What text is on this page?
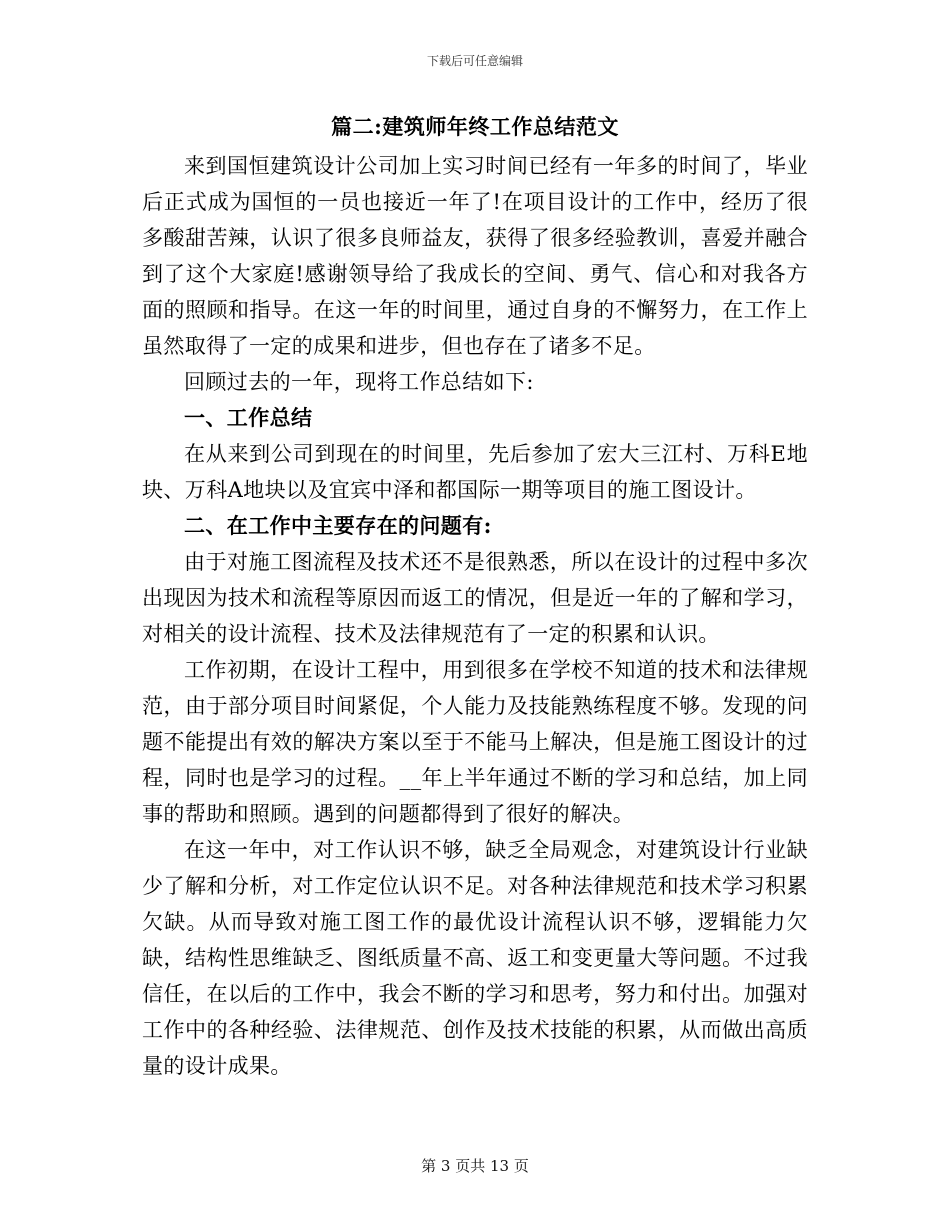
下载后可任意编辑
篇二:建筑师年终工作总结范文

来到国恒建筑设计公司加上实习时间已经有一年多的时间了，毕业后正式成为国恒的一员也接近一年了!在项目设计的工作中，经历了很多酸甜苦辣，认识了很多良师益友，获得了很多经验教训，喜爱并融合到了这个大家庭!感谢领导给了我成长的空间、勇气、信心和对我各方面的照顾和指导。在这一年的时间里，通过自身的不懈努力，在工作上虽然取得了一定的成果和进步，但也存在了诸多不足。

回顾过去的一年，现将工作总结如下:

一、工作总结

在从来到公司到现在的时间里，先后参加了宏大三江村、万科E地块、万科A地块以及宜宾中泽和都国际一期等项目的施工图设计。

二、在工作中主要存在的问题有:

由于对施工图流程及技术还不是很熟悉，所以在设计的过程中多次出现因为技术和流程等原因而返工的情况，但是近一年的了解和学习，对相关的设计流程、技术及法律规范有了一定的积累和认识。

工作初期，在设计工程中，用到很多在学校不知道的技术和法律规范，由于部分项目时间紧促，个人能力及技能熟练程度不够。发现的问题不能提出有效的解决方案以至于不能马上解决，但是施工图设计的过程，同时也是学习的过程。__年上半年通过不断的学习和总结，加上同事的帮助和照顾。遇到的问题都得到了很好的解决。

在这一年中，对工作认识不够，缺乏全局观念，对建筑设计行业缺少了解和分析，对工作定位认识不足。对各种法律规范和技术学习积累欠缺。从而导致对施工图工作的最优设计流程认识不够，逻辑能力欠缺，结构性思维缺乏、图纸质量不高、返工和变更量大等问题。不过我信任，在以后的工作中，我会不断的学习和思考，努力和付出。加强对工作中的各种经验、法律规范、创作及技术技能的积累，从而做出高质量的设计成果。

第 3 页共 13 页
